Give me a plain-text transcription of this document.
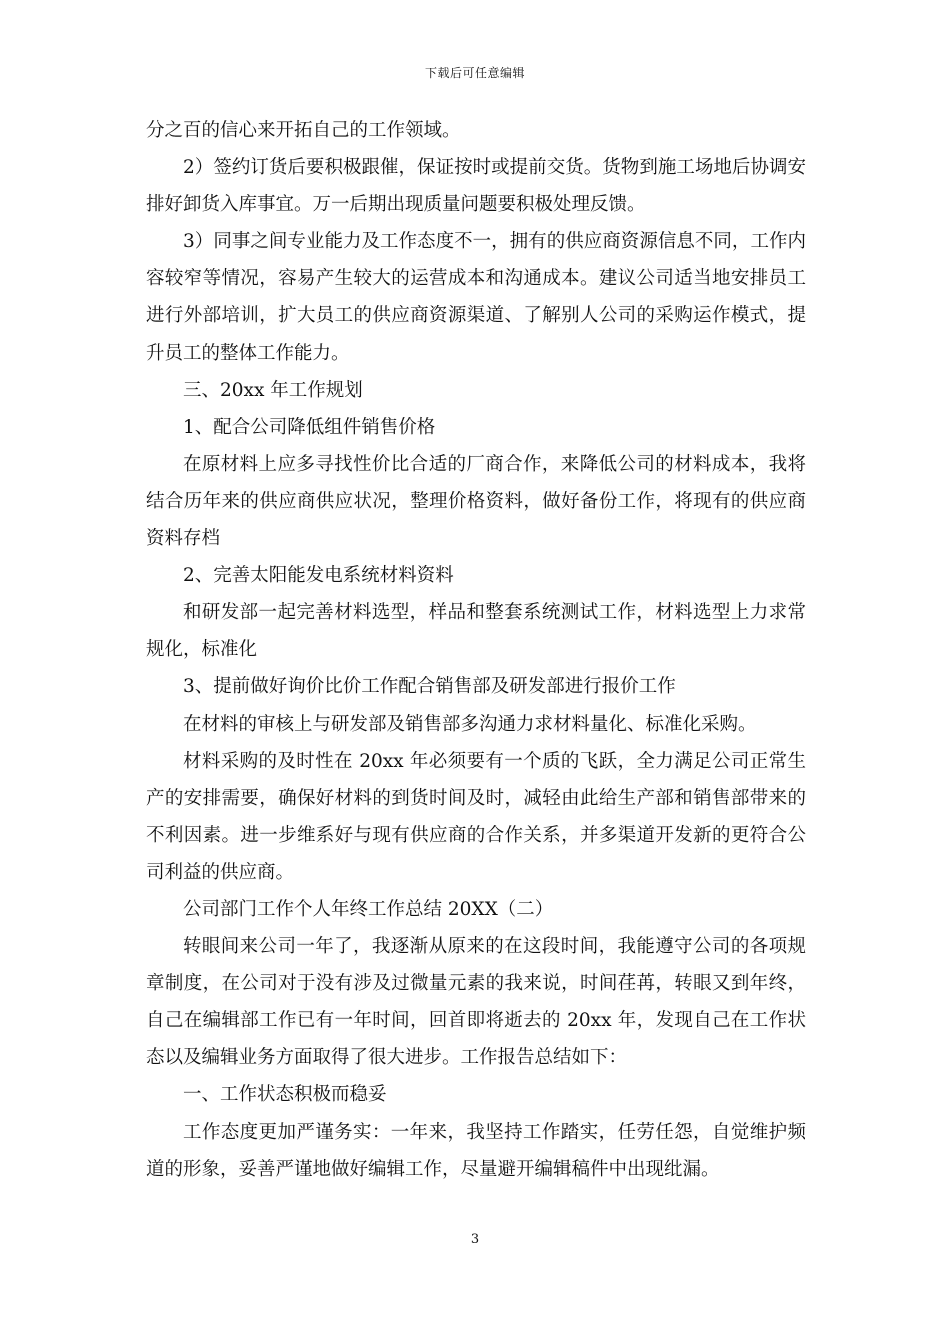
下载后可任意编辑

分之百的信心来开拓自己的工作领域。

2）签约订货后要积极跟催，保证按时或提前交货。货物到施工场地后协调安排好卸货入库事宜。万一后期出现质量问题要积极处理反馈。

3）同事之间专业能力及工作态度不一，拥有的供应商资源信息不同，工作内容较窄等情况，容易产生较大的运营成本和沟通成本。建议公司适当地安排员工进行外部培训，扩大员工的供应商资源渠道、了解别人公司的采购运作模式，提升员工的整体工作能力。

三、20xx 年工作规划

1、配合公司降低组件销售价格

在原材料上应多寻找性价比合适的厂商合作，来降低公司的材料成本，我将结合历年来的供应商供应状况，整理价格资料，做好备份工作，将现有的供应商资料存档

2、完善太阳能发电系统材料资料

和研发部一起完善材料选型，样品和整套系统测试工作，材料选型上力求常规化，标准化

3、提前做好询价比价工作配合销售部及研发部进行报价工作

在材料的审核上与研发部及销售部多沟通力求材料量化、标准化采购。

材料采购的及时性在 20xx 年必须要有一个质的飞跃，全力满足公司正常生产的安排需要，确保好材料的到货时间及时，减轻由此给生产部和销售部带来的不利因素。进一步维系好与现有供应商的合作关系，并多渠道开发新的更符合公司利益的供应商。

公司部门工作个人年终工作总结 20XX（二）

转眼间来公司一年了，我逐渐从原来的在这段时间，我能遵守公司的各项规章制度，在公司对于没有涉及过微量元素的我来说，时间荏苒，转眼又到年终，自己在编辑部工作已有一年时间，回首即将逝去的 20xx 年，发现自己在工作状态以及编辑业务方面取得了很大进步。工作报告总结如下：

一、工作状态积极而稳妥

工作态度更加严谨务实：一年来，我坚持工作踏实，任劳任怨，自觉维护频道的形象，妥善严谨地做好编辑工作，尽量避开编辑稿件中出现纰漏。

3
